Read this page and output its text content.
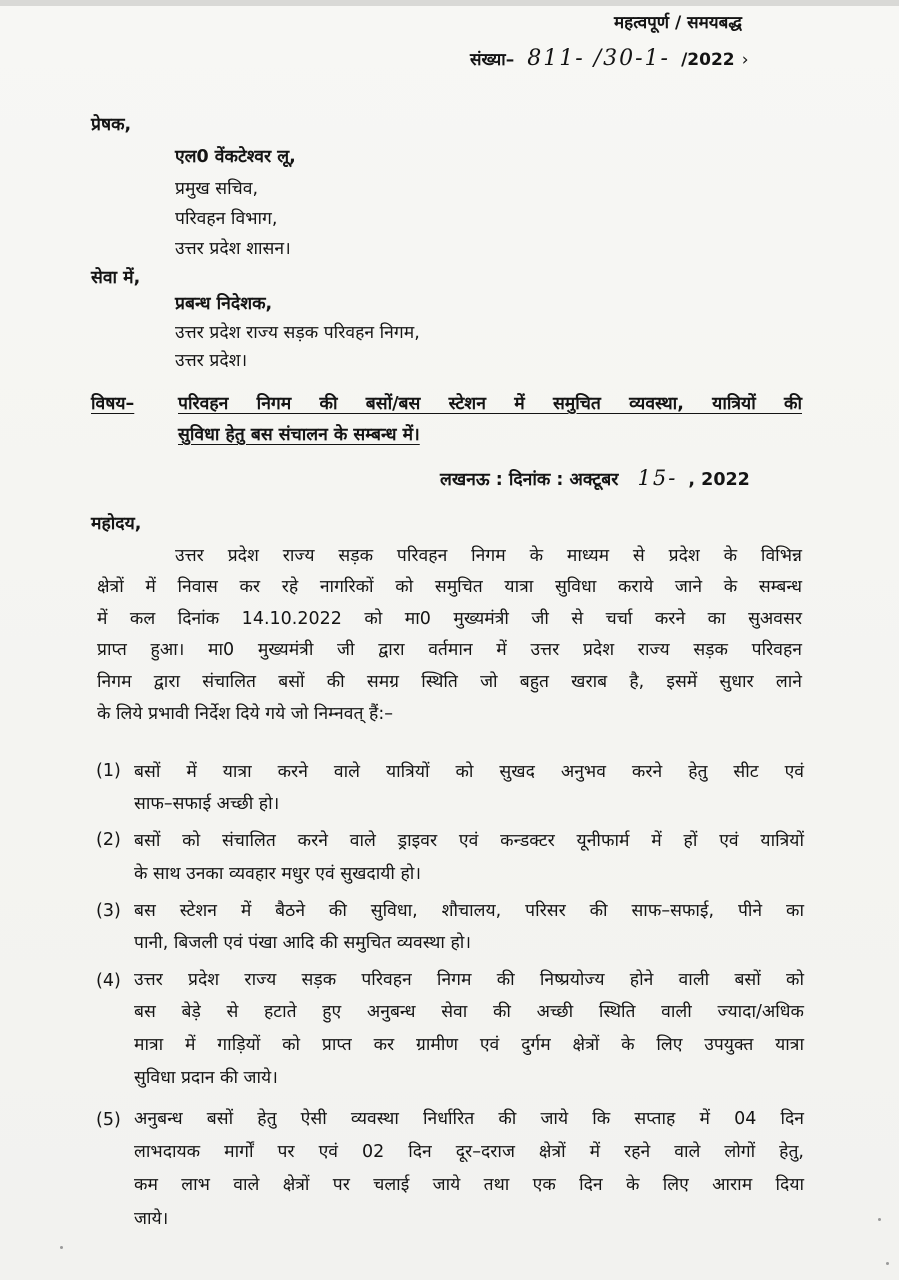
महत्वपूर्ण / समयबद्ध
संख्या– 811- /30-1- /2022 ›
प्रेषक,
एल0 वेंकटेश्वर लू,
प्रमुख सचिव,
परिवहन विभाग,
उत्तर प्रदेश शासन।
सेवा में,
प्रबन्ध निदेशक,
उत्तर प्रदेश राज्य सड़क परिवहन निगम,
उत्तर प्रदेश।
विषय– परिवहन निगम की बसों/बस स्टेशन में समुचित व्यवस्था, यात्रियों की
सुविधा हेतु बस संचालन के सम्बन्ध में।
लखनऊ : दिनांक : अक्टूबर 15- , 2022
महोदय,
उत्तर प्रदेश राज्य सड़क परिवहन निगम के माध्यम से प्रदेश के विभिन्न
क्षेत्रों में निवास कर रहे नागरिकों को समुचित यात्रा सुविधा कराये जाने के सम्बन्ध
में कल दिनांक 14.10.2022 को मा0 मुख्यमंत्री जी से चर्चा करने का सुअवसर
प्राप्त हुआ। मा0 मुख्यमंत्री जी द्वारा वर्तमान में उत्तर प्रदेश राज्य सड़क परिवहन
निगम द्वारा संचालित बसों की समग्र स्थिति जो बहुत खराब है, इसमें सुधार लाने
के लिये प्रभावी निर्देश दिये गये जो निम्नवत् हैं:–
(1) बसों में यात्रा करने वाले यात्रियों को सुखद अनुभव करने हेतु सीट एवं
साफ–सफाई अच्छी हो।
(2) बसों को संचालित करने वाले ड्राइवर एवं कन्डक्टर यूनीफार्म में हों एवं यात्रियों
के साथ उनका व्यवहार मधुर एवं सुखदायी हो।
(3) बस स्टेशन में बैठने की सुविधा, शौचालय, परिसर की साफ–सफाई, पीने का
पानी, बिजली एवं पंखा आदि की समुचित व्यवस्था हो।
(4) उत्तर प्रदेश राज्य सड़क परिवहन निगम की निष्प्रयोज्य होने वाली बसों को
बस बेड़े से हटाते हुए अनुबन्ध सेवा की अच्छी स्थिति वाली ज्यादा/अधिक
मात्रा में गाड़ियों को प्राप्त कर ग्रामीण एवं दुर्गम क्षेत्रों के लिए उपयुक्त यात्रा
सुविधा प्रदान की जाये।
(5) अनुबन्ध बसों हेतु ऐसी व्यवस्था निर्धारित की जाये कि सप्ताह में 04 दिन
लाभदायक मार्गों पर एवं 02 दिन दूर–दराज क्षेत्रों में रहने वाले लोगों हेतु,
कम लाभ वाले क्षेत्रों पर चलाई जाये तथा एक दिन के लिए आराम दिया
जाये।
